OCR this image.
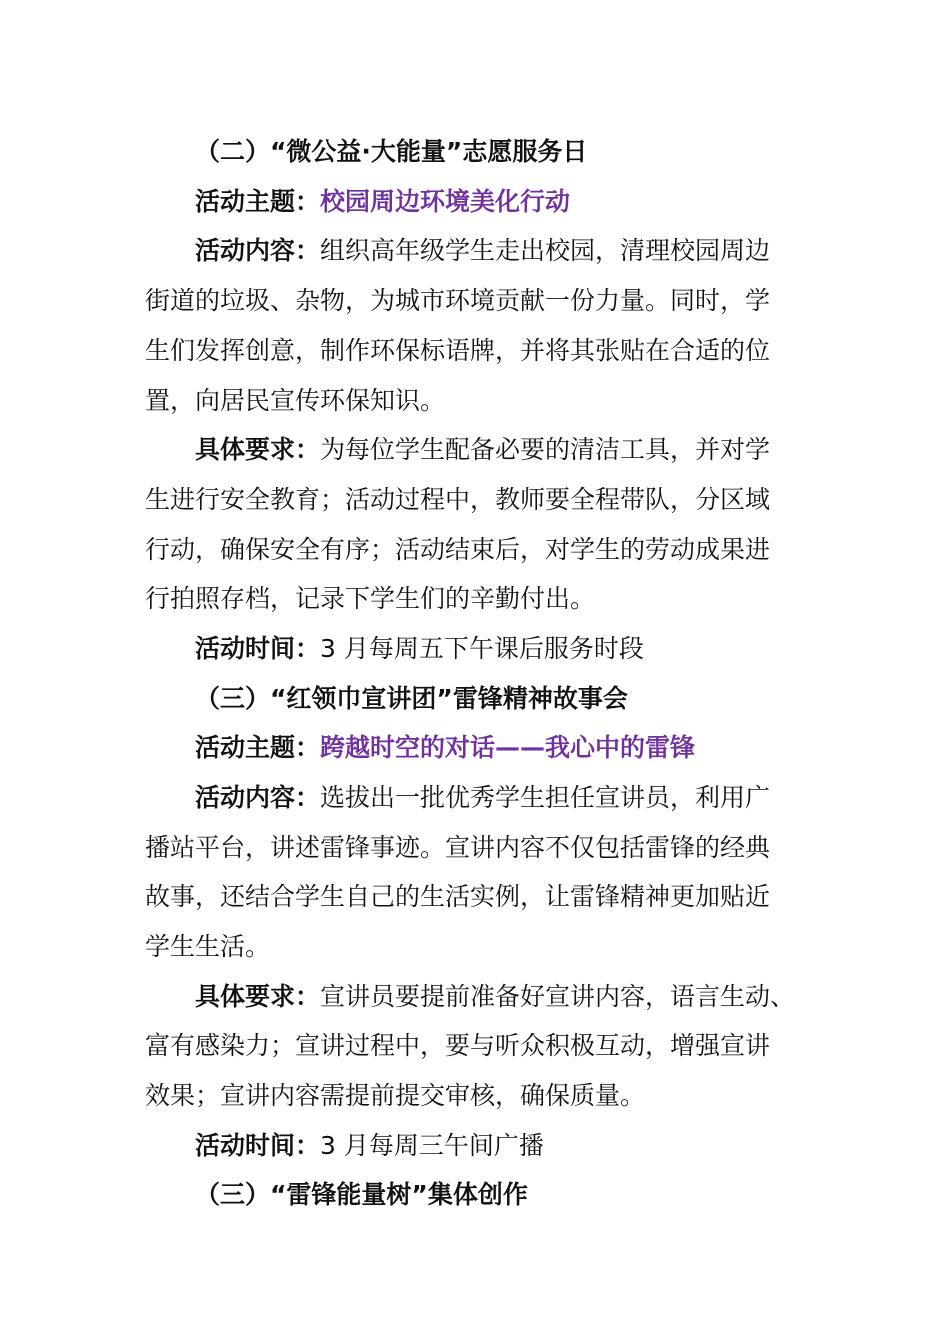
（二）“微公益·大能量”志愿服务日
活动主题：校园周边环境美化行动
活动内容：组织高年级学生走出校园，清理校园周边
街道的垃圾、杂物，为城市环境贡献一份力量。同时，学
生们发挥创意，制作环保标语牌，并将其张贴在合适的位
置，向居民宣传环保知识。
具体要求：为每位学生配备必要的清洁工具，并对学
生进行安全教育；活动过程中，教师要全程带队，分区域
行动，确保安全有序；活动结束后，对学生的劳动成果进
行拍照存档，记录下学生们的辛勤付出。
活动时间：3 月每周五下午课后服务时段
（三）“红领巾宣讲团”雷锋精神故事会
活动主题：跨越时空的对话——我心中的雷锋
活动内容：选拔出一批优秀学生担任宣讲员，利用广
播站平台，讲述雷锋事迹。宣讲内容不仅包括雷锋的经典
故事，还结合学生自己的生活实例，让雷锋精神更加贴近
学生生活。
具体要求：宣讲员要提前准备好宣讲内容，语言生动、
富有感染力；宣讲过程中，要与听众积极互动，增强宣讲
效果；宣讲内容需提前提交审核，确保质量。
活动时间：3 月每周三午间广播
（三）“雷锋能量树”集体创作
